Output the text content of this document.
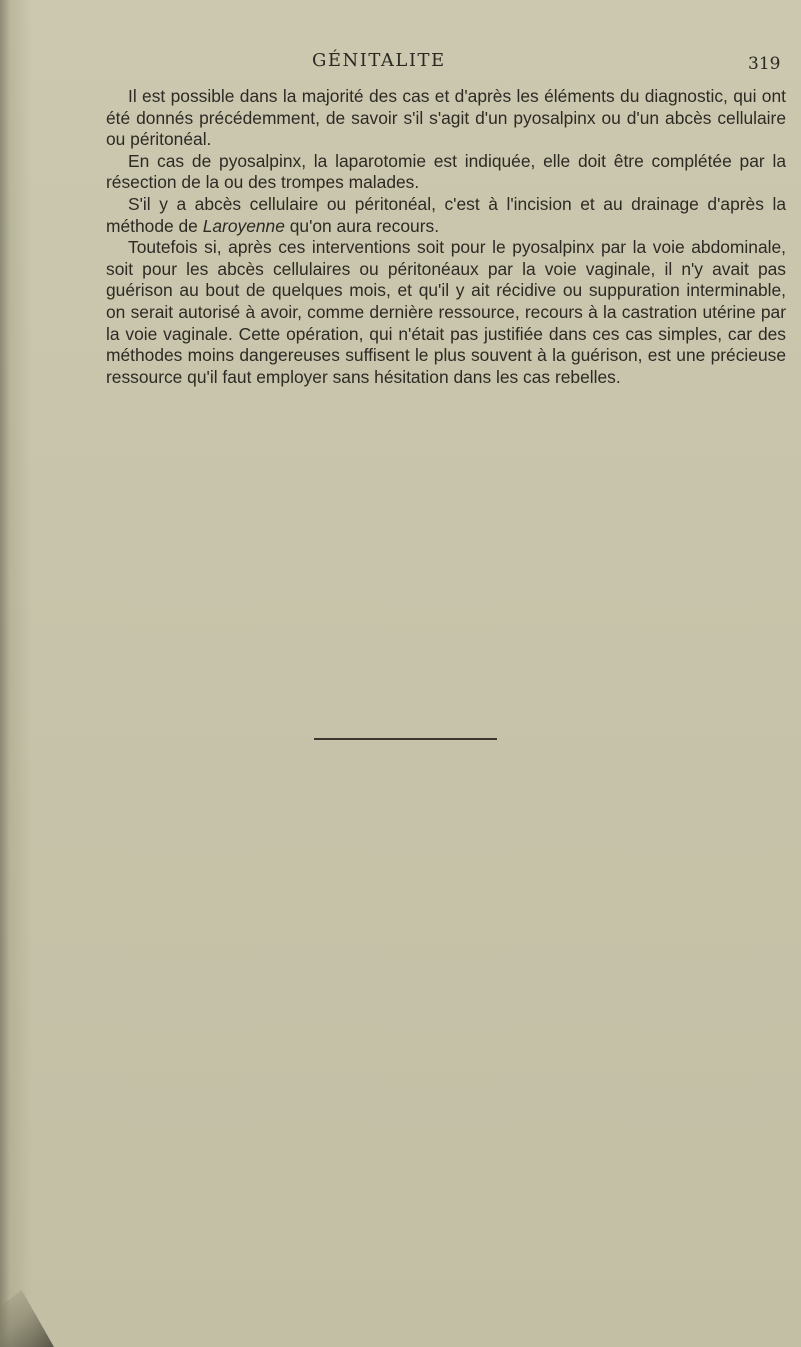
GÉNITALITE	319

Il est possible dans la majorité des cas et d'après les éléments du diagnostic, qui ont été donnés précédemment, de savoir s'il s'agit d'un pyosalpinx ou d'un abcès cellulaire ou péritonéal.

En cas de pyosalpinx, la laparotomie est indiquée, elle doit être complétée par la résection de la ou des trompes malades.

S'il y a abcès cellulaire ou péritonéal, c'est à l'incision et au drainage d'après la méthode de Laroyenne qu'on aura recours.

Toutefois si, après ces interventions soit pour le pyosalpinx par la voie abdominale, soit pour les abcès cellulaires ou péritonéaux par la voie vaginale, il n'y avait pas guérison au bout de quelques mois, et qu'il y ait récidive ou suppuration interminable, on serait autorisé à avoir, comme dernière ressource, recours à la castration utérine par la voie vaginale. Cette opération, qui n'était pas justifiée dans ces cas simples, car des méthodes moins dangereuses suffisent le plus souvent à la guérison, est une précieuse ressource qu'il faut employer sans hésitation dans les cas rebelles.
